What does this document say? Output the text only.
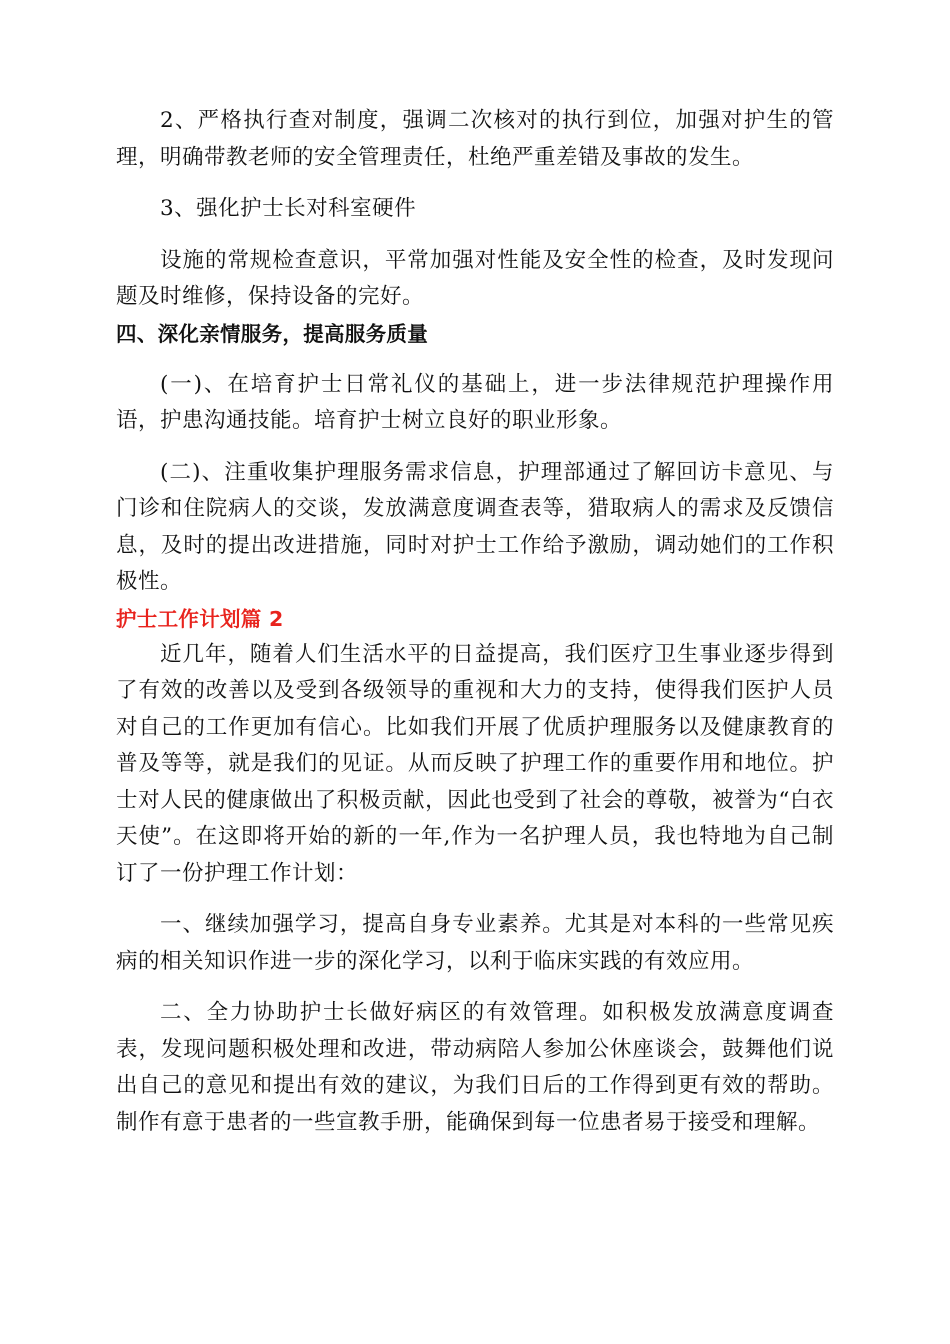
2、严格执行查对制度，强调二次核对的执行到位，加强对护生的管理，明确带教老师的安全管理责任，杜绝严重差错及事故的发生。

3、强化护士长对科室硬件

设施的常规检查意识，平常加强对性能及安全性的检查，及时发现问题及时维修，保持设备的完好。

四、深化亲情服务，提高服务质量

(一)、在培育护士日常礼仪的基础上，进一步法律规范护理操作用语，护患沟通技能。培育护士树立良好的职业形象。

(二)、注重收集护理服务需求信息，护理部通过了解回访卡意见、与门诊和住院病人的交谈，发放满意度调查表等，猎取病人的需求及反馈信息，及时的提出改进措施，同时对护士工作给予激励，调动她们的工作积极性。

护士工作计划篇 2

近几年，随着人们生活水平的日益提高，我们医疗卫生事业逐步得到了有效的改善以及受到各级领导的重视和大力的支持，使得我们医护人员对自己的工作更加有信心。比如我们开展了优质护理服务以及健康教育的普及等等，就是我们的见证。从而反映了护理工作的重要作用和地位。护士对人民的健康做出了积极贡献，因此也受到了社会的尊敬，被誉为“白衣天使”。在这即将开始的新的一年,作为一名护理人员，我也特地为自己制订了一份护理工作计划：

一、继续加强学习，提高自身专业素养。尤其是对本科的一些常见疾病的相关知识作进一步的深化学习，以利于临床实践的有效应用。

二、全力协助护士长做好病区的有效管理。如积极发放满意度调查表，发现问题积极处理和改进，带动病陪人参加公休座谈会，鼓舞他们说出自己的意见和提出有效的建议，为我们日后的工作得到更有效的帮助。制作有意于患者的一些宣教手册，能确保到每一位患者易于接受和理解。
